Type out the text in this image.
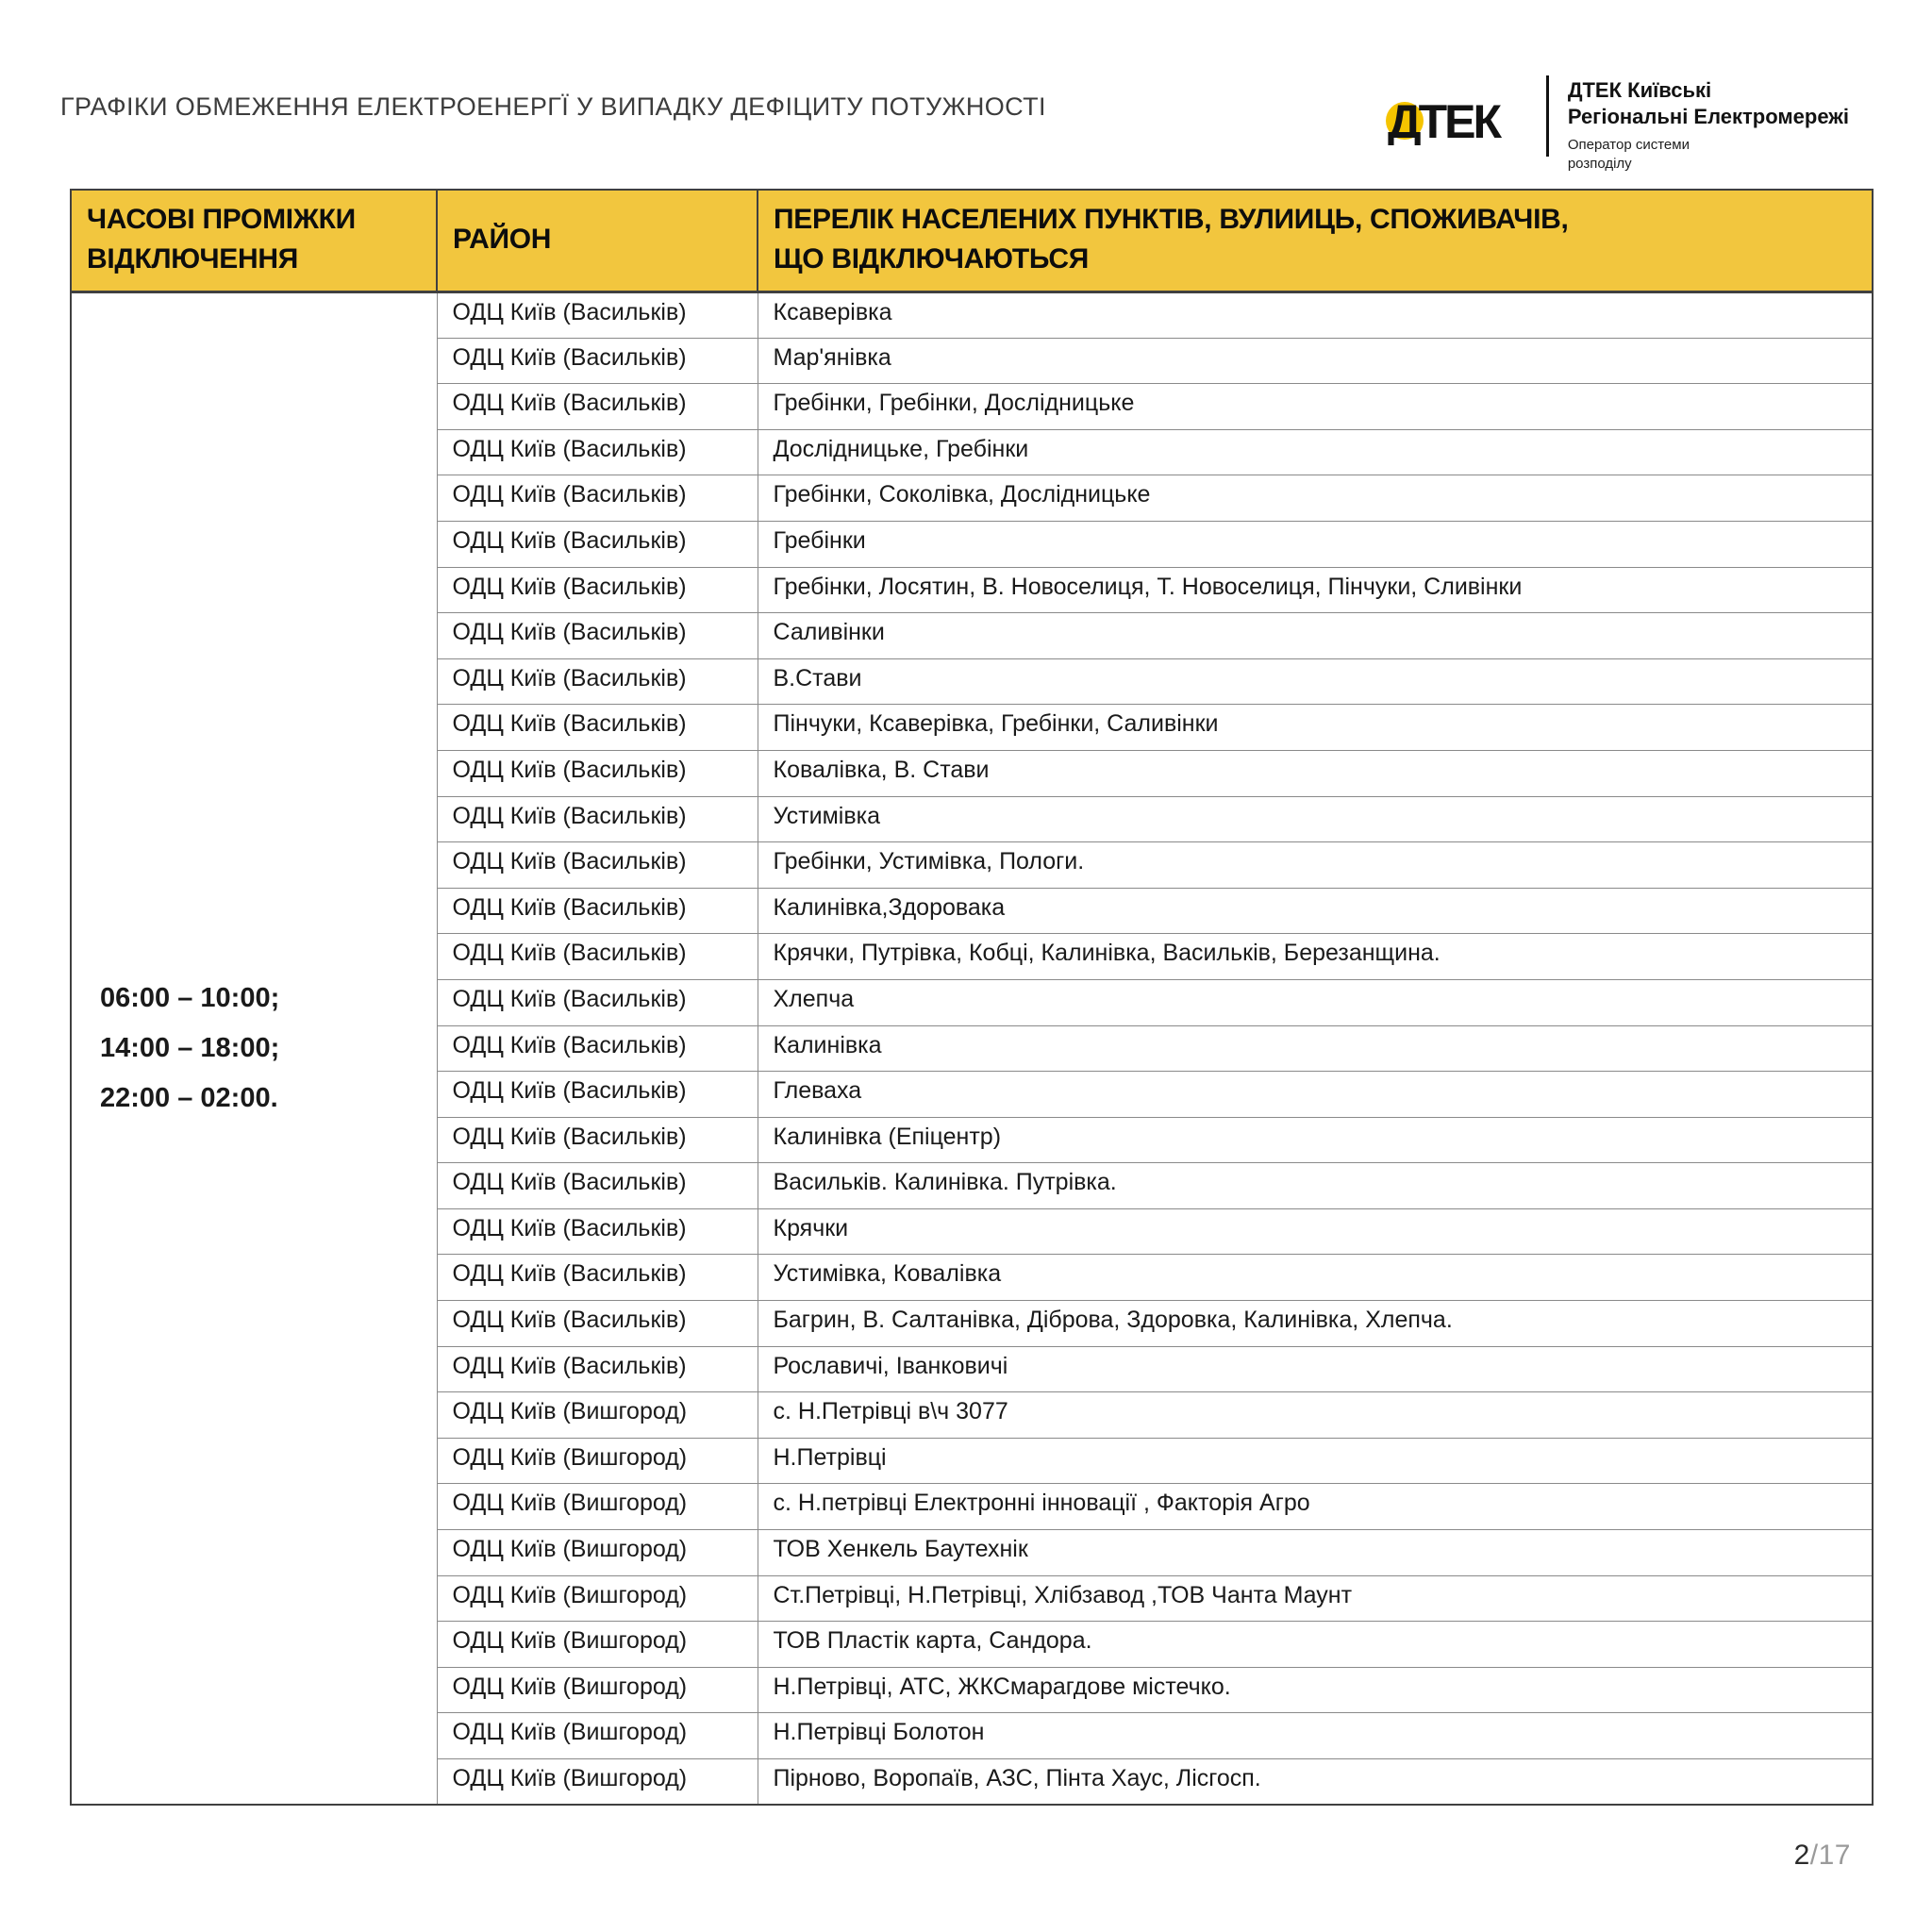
ГРАФІКИ ОБМЕЖЕННЯ ЕЛЕКТРОЕНЕРГЇ У ВИПАДКУ ДЕФІЦИТУ ПОТУЖНОСТІ	ДТЕК
ДТЕК Київські
Регіональні Електромережі
Оператор системи
розподілу
ЧАСОВІ ПРОМІЖКИ
ВІДКЛЮЧЕННЯ	РАЙОН	ПЕРЕЛІК НАСЕЛЕНИХ ПУНКТІВ, ВУЛИИЦЬ, СПОЖИВАЧІВ,
ЩО ВІДКЛЮЧАЮТЬСЯ

06:00 – 10:00;
14:00 – 18:00;
22:00 – 02:00.	ОДЦ Київ (Васильків)	Ксаверівка
	ОДЦ Київ (Васильків)	Мар'янівка
	ОДЦ Київ (Васильків)	Гребінки, Гребінки, Дослідницьке
	ОДЦ Київ (Васильків)	Дослідницьке, Гребінки
	ОДЦ Київ (Васильків)	Гребінки, Соколівка, Дослідницьке
	ОДЦ Київ (Васильків)	Гребінки
	ОДЦ Київ (Васильків)	Гребінки, Лосятин, В. Новоселиця, Т. Новоселиця, Пінчуки, Сливінки
	ОДЦ Київ (Васильків)	Саливінки
	ОДЦ Київ (Васильків)	В.Стави
	ОДЦ Київ (Васильків)	Пінчуки, Ксаверівка, Гребінки, Саливінки
	ОДЦ Київ (Васильків)	Ковалівка, В. Стави
	ОДЦ Київ (Васильків)	Устимівка
	ОДЦ Київ (Васильків)	Гребінки, Устимівка, Пологи.
	ОДЦ Київ (Васильків)	Калинівка,Здоровака
	ОДЦ Київ (Васильків)	Крячки, Путрівка, Кобці, Калинівка, Васильків, Березанщина.
	ОДЦ Київ (Васильків)	Хлепча
	ОДЦ Київ (Васильків)	Калинівка
	ОДЦ Київ (Васильків)	Глеваха
	ОДЦ Київ (Васильків)	Калинівка (Епіцентр)
	ОДЦ Київ (Васильків)	Васильків. Калинівка. Путрівка.
	ОДЦ Київ (Васильків)	Крячки
	ОДЦ Київ (Васильків)	Устимівка, Ковалівка
	ОДЦ Київ (Васильків)	Багрин, В. Салтанівка, Діброва, Здоровка, Калинівка, Хлепча.
	ОДЦ Київ (Васильків)	Рославичі, Іванковичі
	ОДЦ Київ (Вишгород)	с. Н.Петрівці в\ч 3077
	ОДЦ Київ (Вишгород)	Н.Петрівці
	ОДЦ Київ (Вишгород)	с. Н.петрівці Електронні інновації , Факторія Агро
	ОДЦ Київ (Вишгород)	ТОВ Хенкель Баутехнік
	ОДЦ Київ (Вишгород)	Ст.Петрівці, Н.Петрівці, Хлібзавод ,ТОВ Чанта Маунт
	ОДЦ Київ (Вишгород)	ТОВ Пластік карта, Сандора.
	ОДЦ Київ (Вишгород)	Н.Петрівці, АТС, ЖКСмарагдове містечко.
	ОДЦ Київ (Вишгород)	Н.Петрівці Болотон
	ОДЦ Київ (Вишгород)	Пірново, Воропаїв, АЗС, Пінта Хаус, Лісгосп.
2/17
